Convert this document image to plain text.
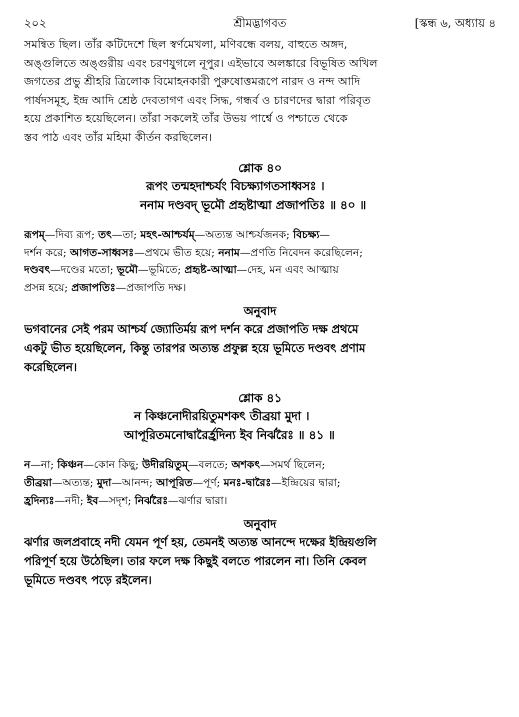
২০২	শ্রীমদ্ভাগবত	[স্কন্ধ ৬, অধ্যায় ৪
সমন্বিত ছিল। তাঁর কটিদেশে ছিল স্বর্ণমেখলা, মণিবন্ধে বলয়, বাহুতে অঙ্গদ,
অঙ্গুলিতে অঙ্গুরীয় এবং চরণযুগলে নূপুর। এইভাবে অলঙ্কারে বিভূষিত অখিল
জগতের প্রভু শ্রীহরি ত্রিলোক বিমোহনকারী পুরুষোত্তমরূপে নারদ ও নন্দ আদি
পার্ষদসমূহ, ইন্দ্র আদি শ্রেষ্ঠ দেবতাগণ এবং সিদ্ধ, গন্ধর্ব ও চারণদের দ্বারা পরিবৃত
হয়ে প্রকাশিত হয়েছিলেন। তাঁরা সকলেই তাঁর উভয় পার্শ্বে ও পশ্চাতে থেকে
স্তব পাঠ এবং তাঁর মহিমা কীর্তন করছিলেন।
শ্লোক ৪০
রূপং তন্মহদাশ্চর্যং বিচক্ষ্যাগতসাধ্বসঃ ।
ননাম দণ্ডবদ্ ভূমৌ প্রহৃষ্টাত্মা প্রজাপতিঃ ॥ ৪০ ॥
রূপম্—দিব্য রূপ; তৎ—তা; মহৎ-আশ্চর্যম্—অত্যন্ত আশ্চর্যজনক; বিচক্ষ্য—
দর্শন করে; আগত-সাধ্বসঃ—প্রথমে ভীত হয়ে; ননাম—প্রণতি নিবেদন করেছিলেন;
দণ্ডবৎ—দণ্ডের মতো; ভূমৌ—ভূমিতে; প্রহৃষ্ট-আত্মা—দেহ, মন এবং আত্মায়
প্রসন্ন হয়ে; প্রজাপতিঃ—প্রজাপতি দক্ষ।
অনুবাদ
ভগবানের সেই পরম আশ্চর্য জ্যোতির্ময় রূপ দর্শন করে প্রজাপতি দক্ষ প্রথমে
একটু ভীত হয়েছিলেন, কিন্তু তারপর অত্যন্ত প্রফুল্ল হয়ে ভূমিতে দণ্ডবৎ প্রণাম
করেছিলেন।
শ্লোক ৪১
ন কিঞ্চনোদীরয়িতুমশকৎ তীব্রয়া মুদা ।
আপূরিতমনোদ্বারৈর্হ্রদিন্য ইব নির্ঝরৈঃ ॥ ৪১ ॥
ন—না; কিঞ্চন—কোন কিছু; উদীরয়িতুম্—বলতে; অশকৎ—সমর্থ ছিলেন;
তীব্রয়া—অত্যন্ত; মুদা—আনন্দ; আপূরিত—পূর্ণ; মনঃ-দ্বারৈঃ—ইন্দ্রিয়ের দ্বারা;
হ্রদিন্যঃ—নদী; ইব—সদৃশ; নির্ঝরৈঃ—ঝর্ণার দ্বারা।
অনুবাদ
ঝর্ণার জলপ্রবাহে নদী যেমন পূর্ণ হয়, তেমনই অত্যন্ত আনন্দে দক্ষের ইন্দ্রিয়গুলি
পরিপূর্ণ হয়ে উঠেছিল। তার ফলে দক্ষ কিছুই বলতে পারলেন না। তিনি কেবল
ভূমিতে দণ্ডবৎ পড়ে রইলেন।
